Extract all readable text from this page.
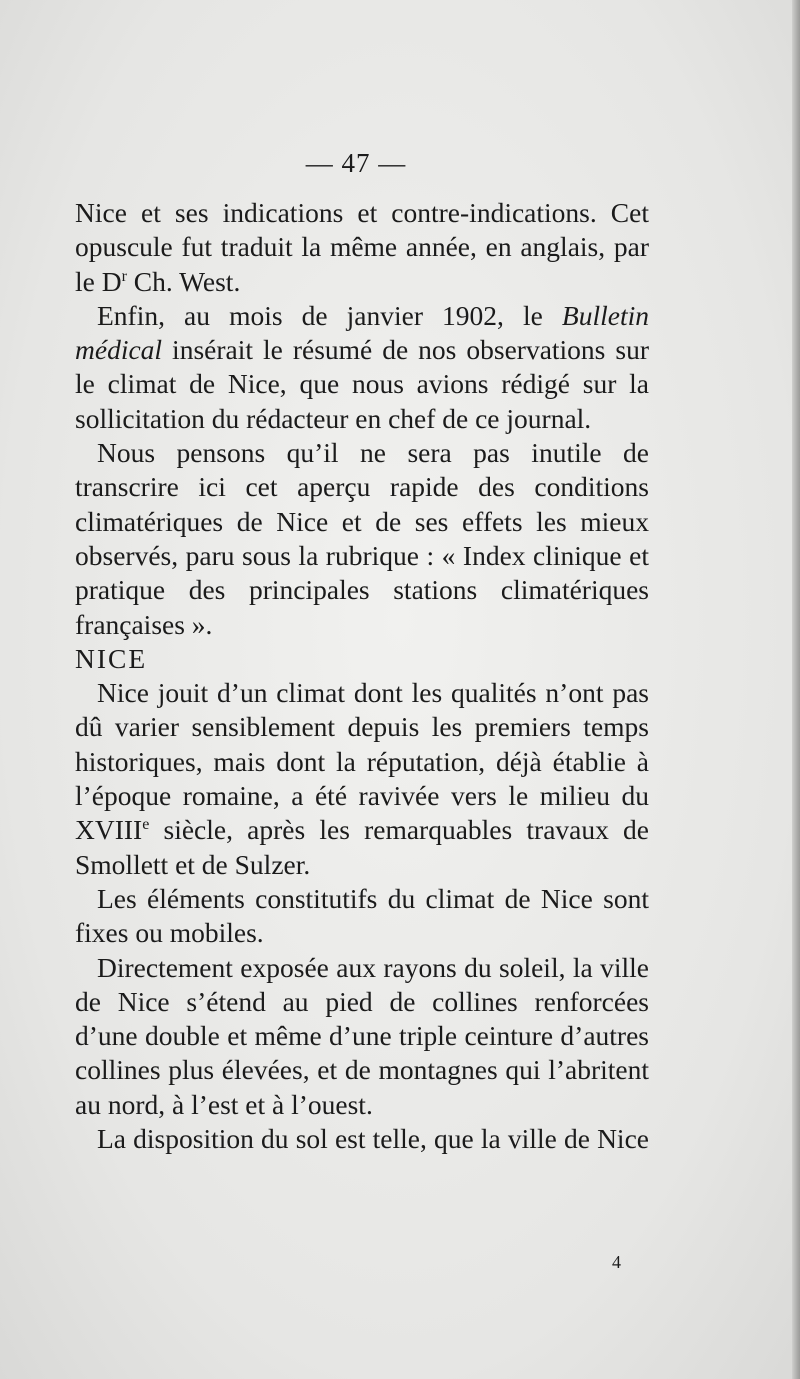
— 47 —

Nice et ses indications et contre-indications. Cet opuscule fut traduit la même année, en anglais, par le $D^r$ Ch. West.

Enfin, au mois de janvier 1902, le Bulletin médical insérait le résumé de nos observations sur le climat de Nice, que nous avions rédigé sur la sollicitation du rédacteur en chef de ce journal.

Nous pensons qu’il ne sera pas inutile de transcrire ici cet aperçu rapide des conditions climatériques de Nice et de ses effets les mieux observés, paru sous la rubrique : « Index clinique et pratique des principales stations climatériques françaises ».

NICE

Nice jouit d’un climat dont les qualités n’ont pas dû varier sensiblement depuis les premiers temps historiques, mais dont la réputation, déjà établie à l’époque romaine, a été ravivée vers le milieu du XVIIIe siècle, après les remarquables travaux de Smollett et de Sulzer.

Les éléments constitutifs du climat de Nice sont fixes ou mobiles.

Directement exposée aux rayons du soleil, la ville de Nice s’étend au pied de collines renforcées d’une double et même d’une triple ceinture d’autres collines plus élevées, et de montagnes qui l’abritent au nord, à l’est et à l’ouest.

La disposition du sol est telle, que la ville de Nice

4
